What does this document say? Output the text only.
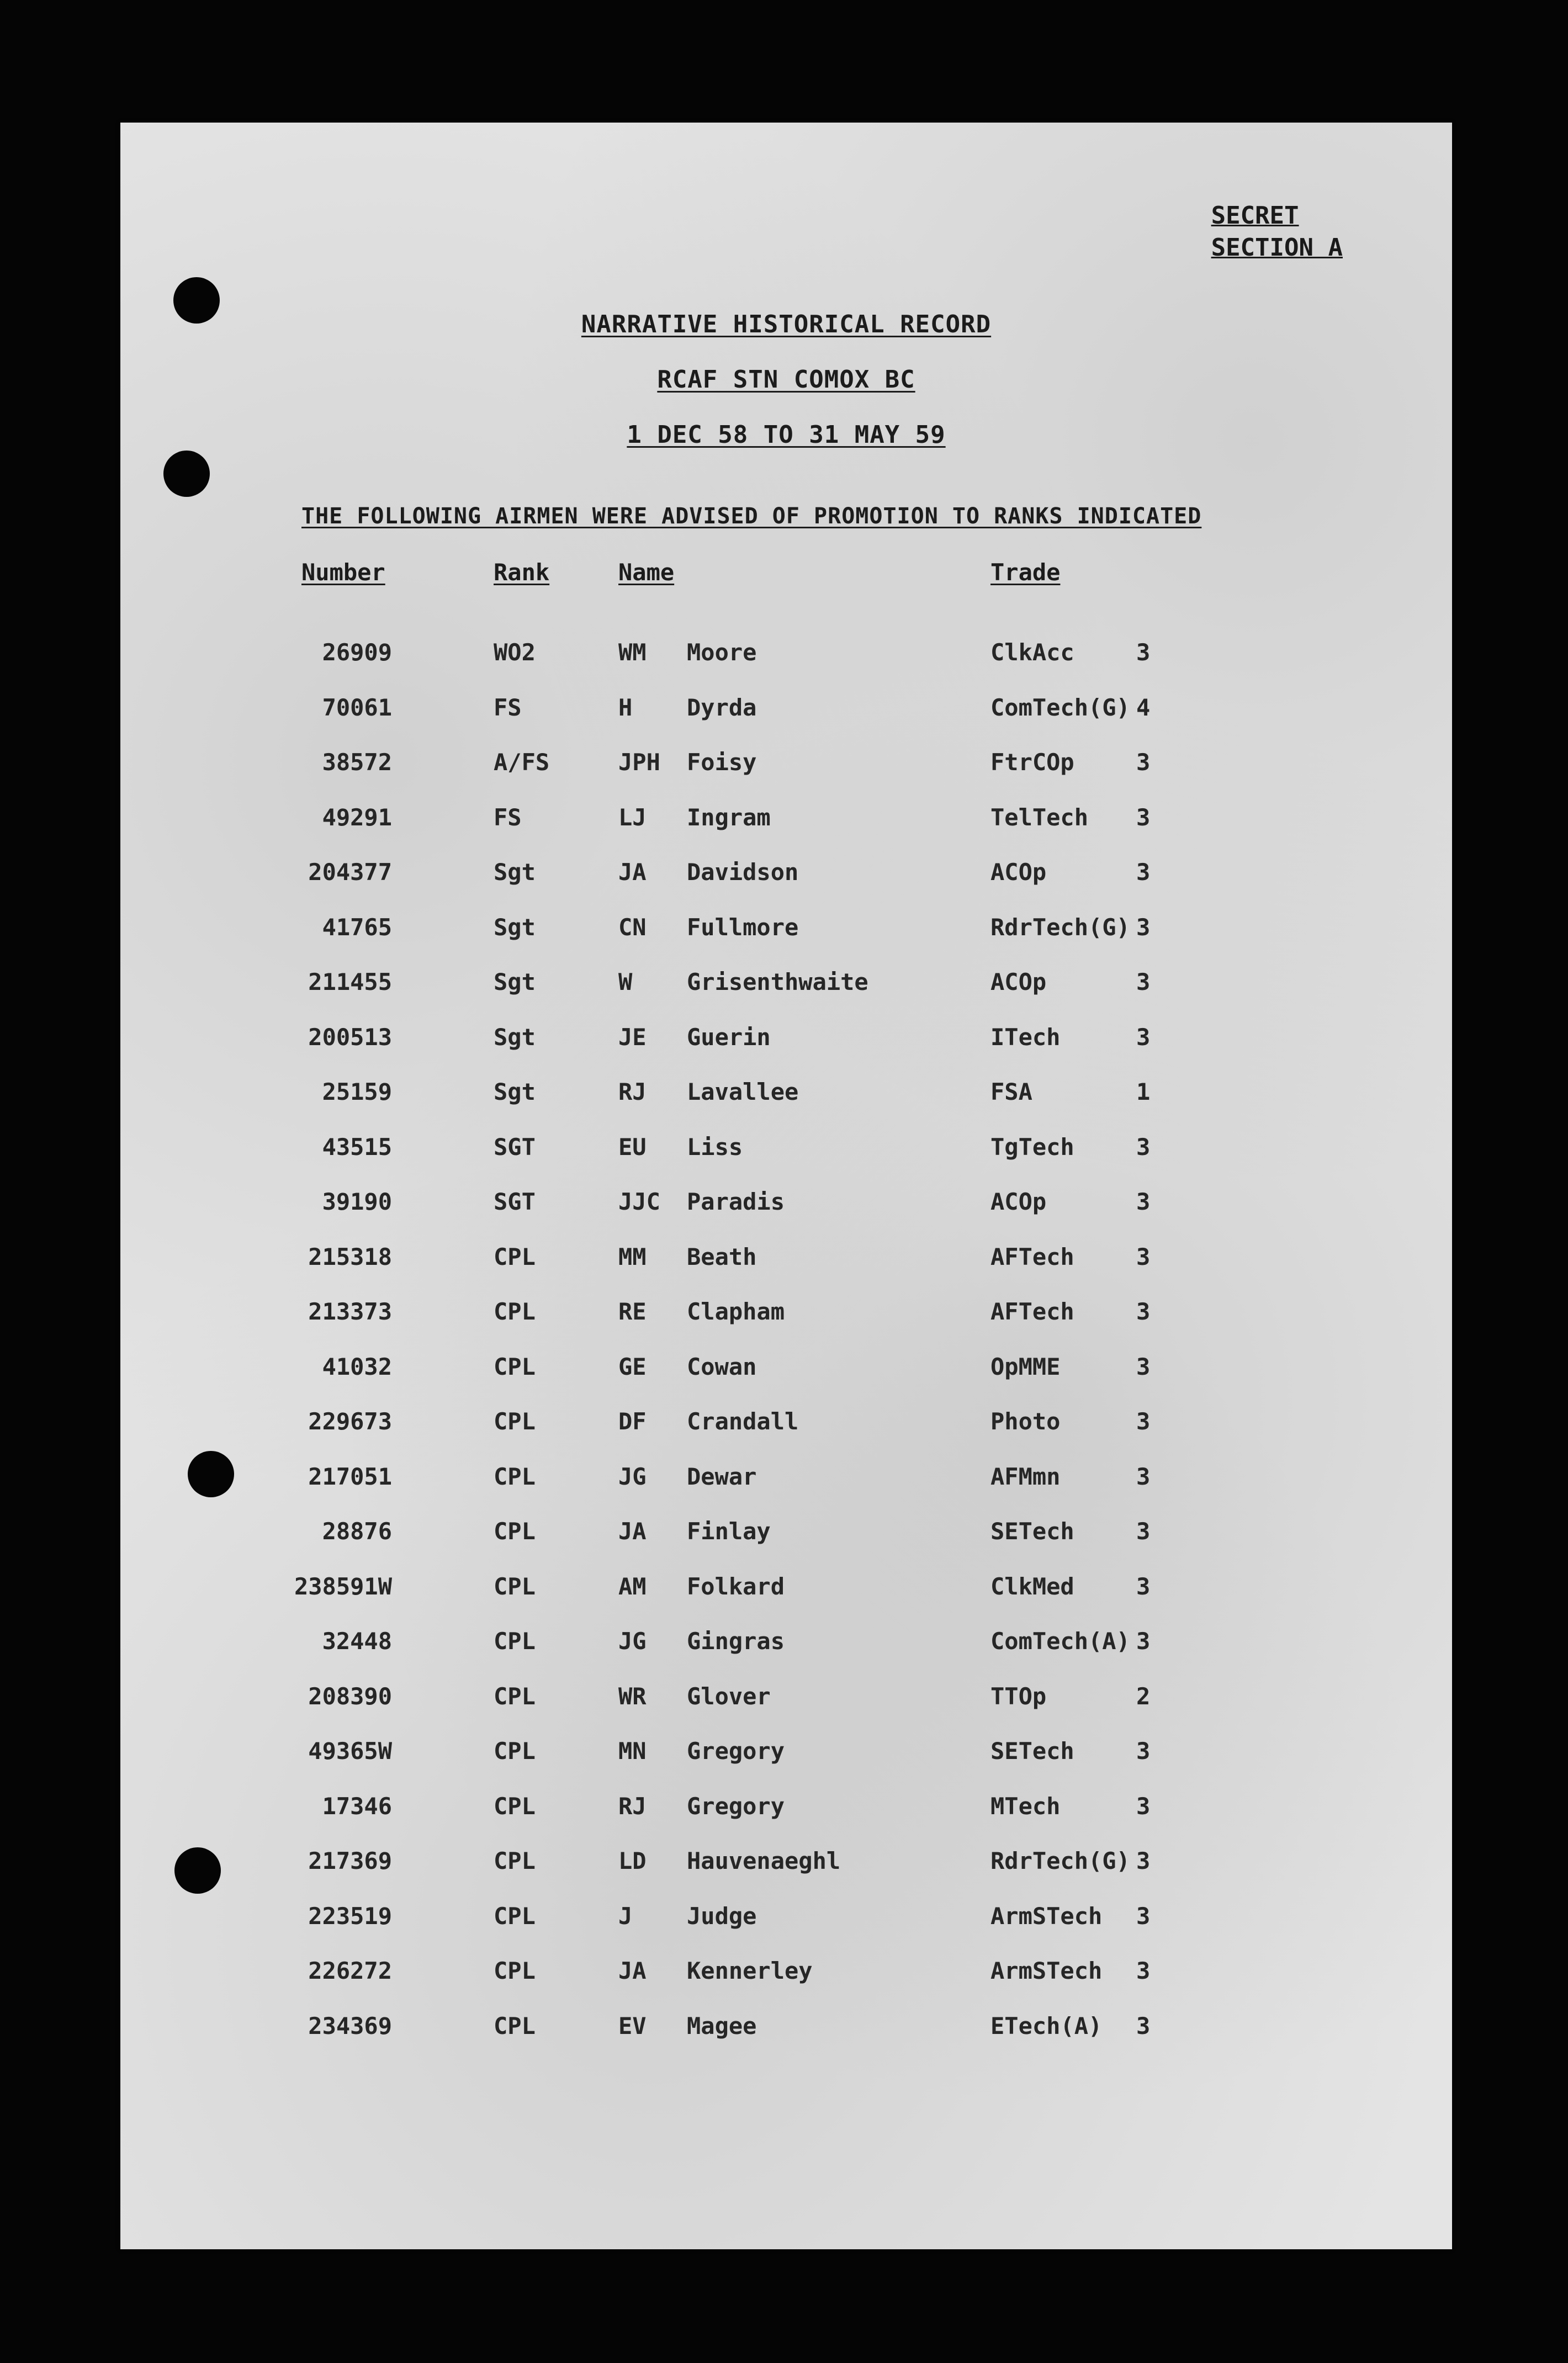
SECRET
SECTION A
NARRATIVE HISTORICAL RECORD
RCAF STN COMOX BC
1 DEC 58 TO 31 MAY 59
THE FOLLOWING AIRMEN WERE ADVISED OF PROMOTION TO RANKS INDICATED
Number	Rank	Name	Trade
26909	WO2	WM Moore	ClkAcc	3
70061	FS	H Dyrda	ComTech(G) 4
38572	A/FS	JPH Foisy	FtrCOp	3
49291	FS	LJ Ingram	TelTech 3
204377	Sgt	JA Davidson	ACOp	3
41765	Sgt	CN Fullmore	RdrTech(G) 3
211455	Sgt	W Grisenthwaite	ACOp	3
200513	Sgt	JE Guerin	ITech	3
25159	Sgt	RJ Lavallee	FSA	1
43515	SGT	EU Liss	TgTech	3
39190	SGT	JJC Paradis	ACOp	3
215318	CPL	MM Beath	AFTech	3
213373	CPL	RE Clapham	AFTech	3
41032	CPL	GE Cowan	OpMME	3
229673	CPL	DF Crandall	Photo	3
217051	CPL	JG Dewar	AFMmn	3
28876	CPL	JA Finlay	SETech	3
238591W	CPL	AM Folkard	ClkMed	3
32448	CPL	JG Gingras	ComTech(A) 3
208390	CPL	WR Glover	TTOp	2
49365W	CPL	MN Gregory	SETech	3
17346	CPL	RJ Gregory	MTech	3
217369	CPL	LD Hauvenaeghl	RdrTech(G) 3
223519	CPL	J Judge	ArmSTech 3
226272	CPL	JA Kennerley	ArmSTech 3
234369	CPL	EV Magee	ETech(A) 3
